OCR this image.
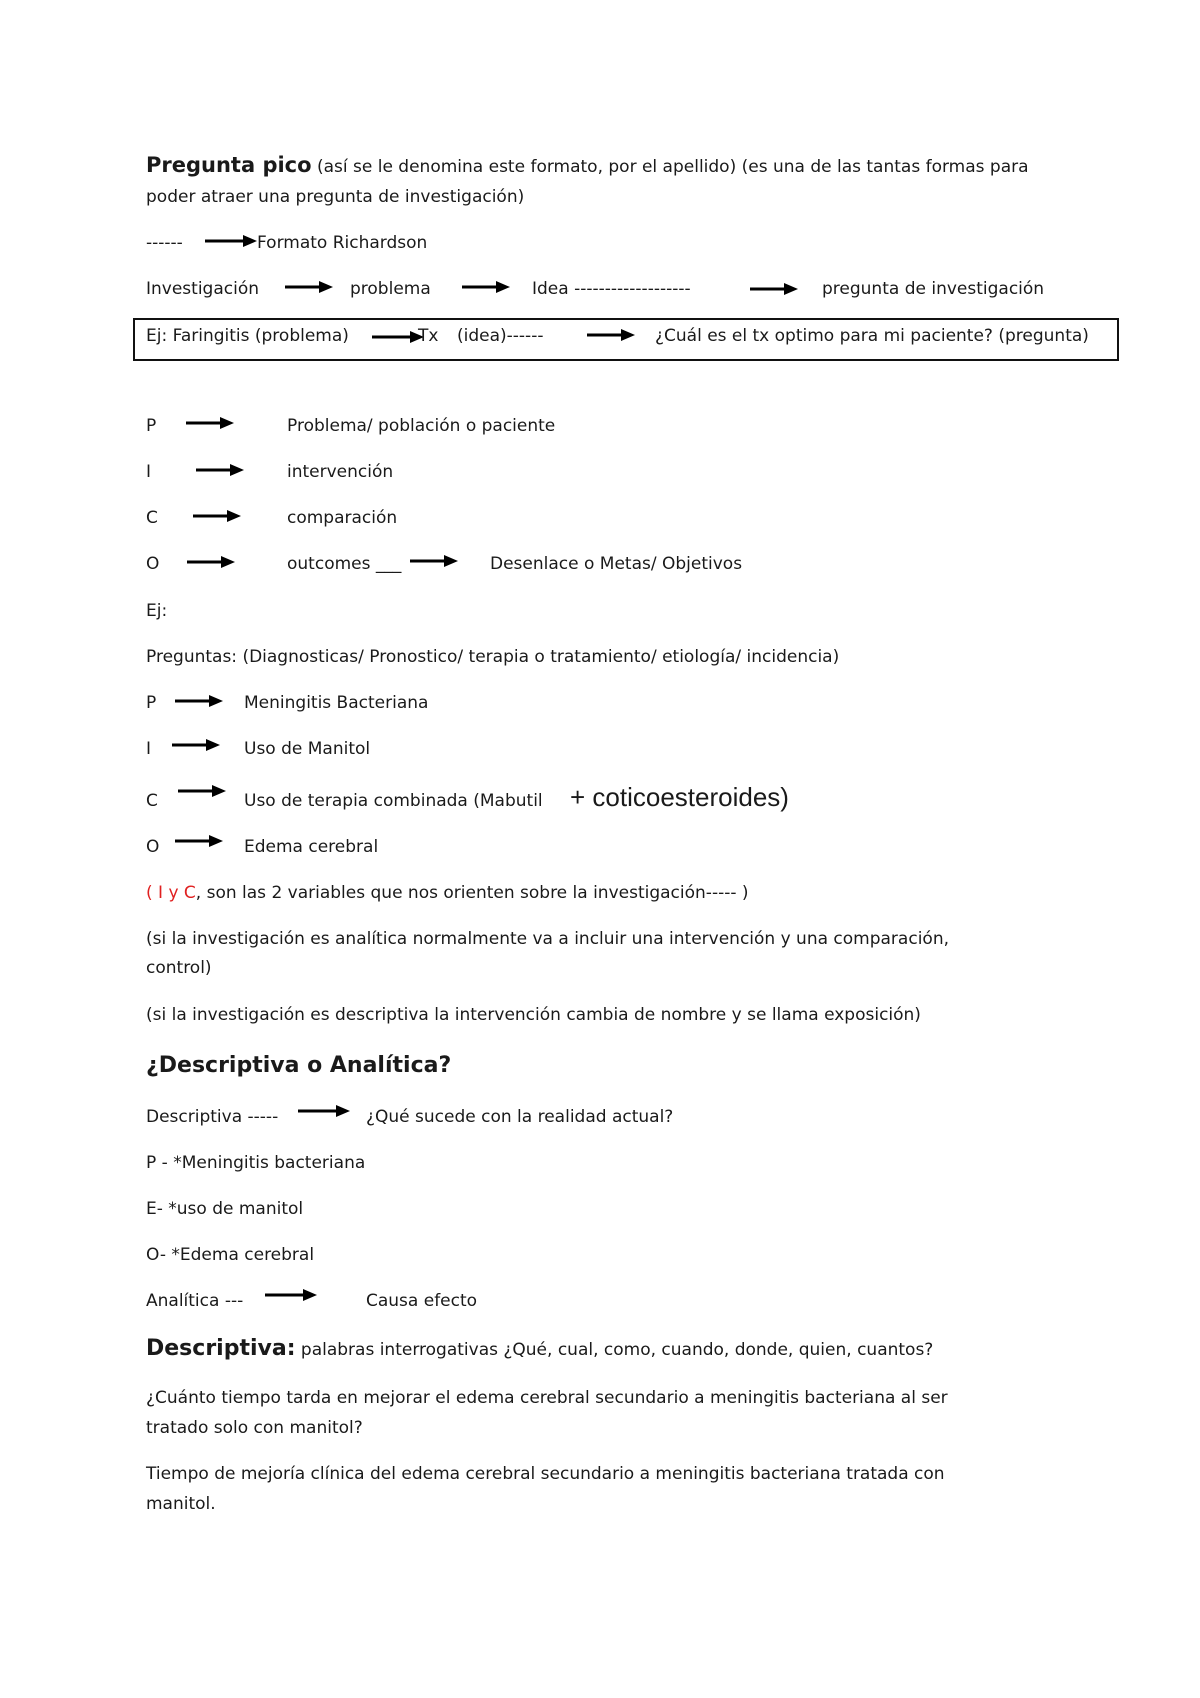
Pregunta pico (así se le denomina este formato, por el apellido) (es una de las tantas formas para
poder atraer una pregunta de investigación)
------	Formato Richardson
Investigación	problema	Idea -------------------	pregunta de investigación
Ej: Faringitis (problema)	Tx (idea)------	¿Cuál es el tx optimo para mi paciente? (pregunta)
P	Problema/ población o paciente
I	intervención
C	comparación
O	outcomes ___	Desenlace o Metas/ Objetivos
Ej:
Preguntas: (Diagnosticas/ Pronostico/ terapia o tratamiento/ etiología/ incidencia)
P	Meningitis Bacteriana
I	Uso de Manitol
C	Uso de terapia combinada (Mabutil + coticoesteroides)
O	Edema cerebral
( I y C, son las 2 variables que nos orienten sobre la investigación----- )
(si la investigación es analítica normalmente va a incluir una intervención y una comparación,
control)
(si la investigación es descriptiva la intervención cambia de nombre y se llama exposición)
¿Descriptiva o Analítica?
Descriptiva -----	¿Qué sucede con la realidad actual?
P - *Meningitis bacteriana
E- *uso de manitol
O- *Edema cerebral
Analítica ---	Causa efecto
Descriptiva: palabras interrogativas ¿Qué, cual, como, cuando, donde, quien, cuantos?
¿Cuánto tiempo tarda en mejorar el edema cerebral secundario a meningitis bacteriana al ser
tratado solo con manitol?
Tiempo de mejoría clínica del edema cerebral secundario a meningitis bacteriana tratada con
manitol.
